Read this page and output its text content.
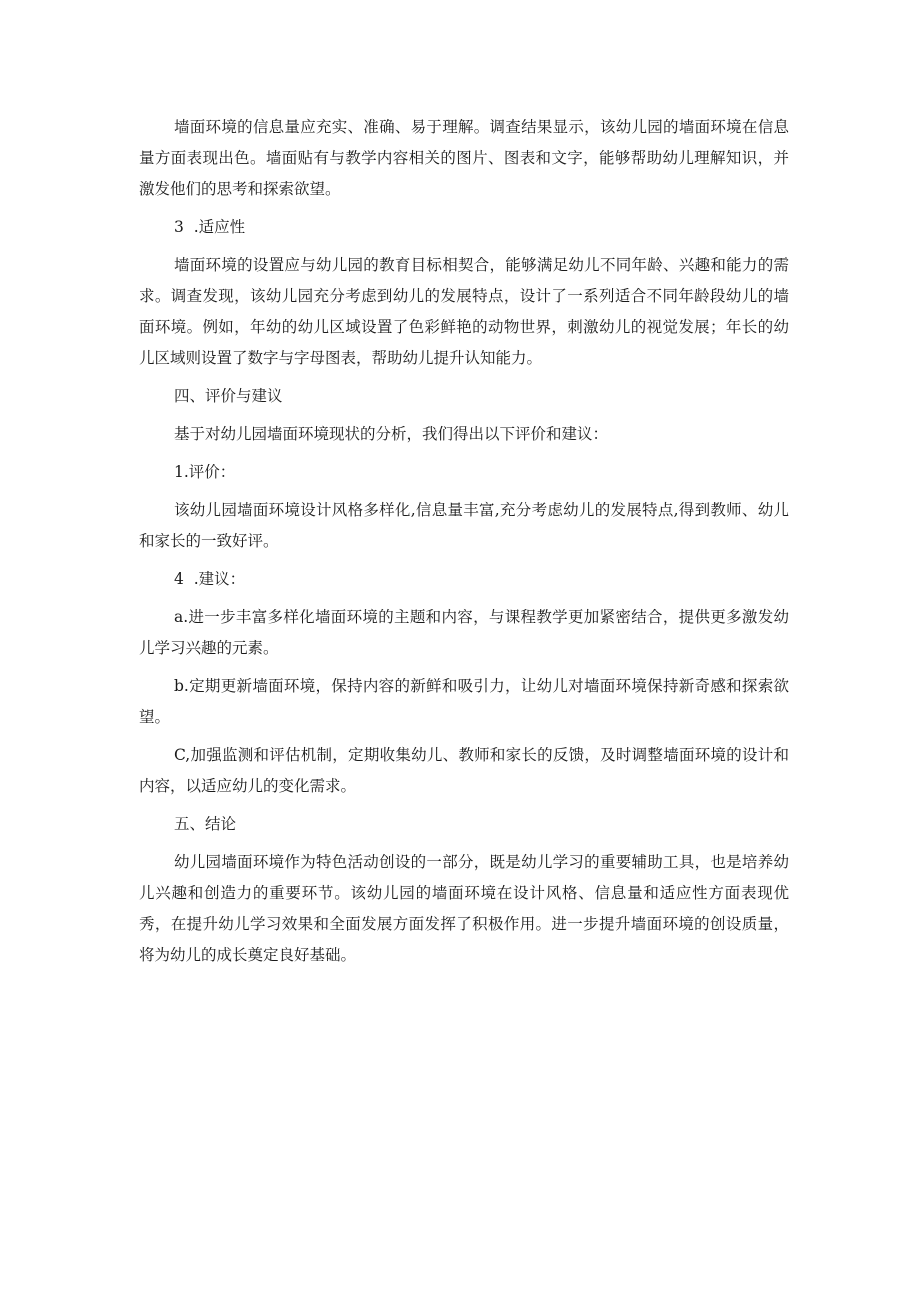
墙面环境的信息量应充实、准确、易于理解。调查结果显示，该幼儿园的墙面环境在信息量方面表现出色。墙面贴有与教学内容相关的图片、图表和文字，能够帮助幼儿理解知识，并激发他们的思考和探索欲望。

3  .适应性

墙面环境的设置应与幼儿园的教育目标相契合，能够满足幼儿不同年龄、兴趣和能力的需求。调查发现，该幼儿园充分考虑到幼儿的发展特点，设计了一系列适合不同年龄段幼儿的墙面环境。例如，年幼的幼儿区域设置了色彩鲜艳的动物世界，刺激幼儿的视觉发展；年长的幼儿区域则设置了数字与字母图表，帮助幼儿提升认知能力。

四、评价与建议

基于对幼儿园墙面环境现状的分析，我们得出以下评价和建议：

1.评价：

该幼儿园墙面环境设计风格多样化,信息量丰富,充分考虑幼儿的发展特点,得到教师、幼儿和家长的一致好评。

4  .建议：

a.进一步丰富多样化墙面环境的主题和内容，与课程教学更加紧密结合，提供更多激发幼儿学习兴趣的元素。

b.定期更新墙面环境，保持内容的新鲜和吸引力，让幼儿对墙面环境保持新奇感和探索欲望。

C,加强监测和评估机制，定期收集幼儿、教师和家长的反馈，及时调整墙面环境的设计和内容，以适应幼儿的变化需求。

五、结论

幼儿园墙面环境作为特色活动创设的一部分，既是幼儿学习的重要辅助工具，也是培养幼儿兴趣和创造力的重要环节。该幼儿园的墙面环境在设计风格、信息量和适应性方面表现优秀，在提升幼儿学习效果和全面发展方面发挥了积极作用。进一步提升墙面环境的创设质量，将为幼儿的成长奠定良好基础。
